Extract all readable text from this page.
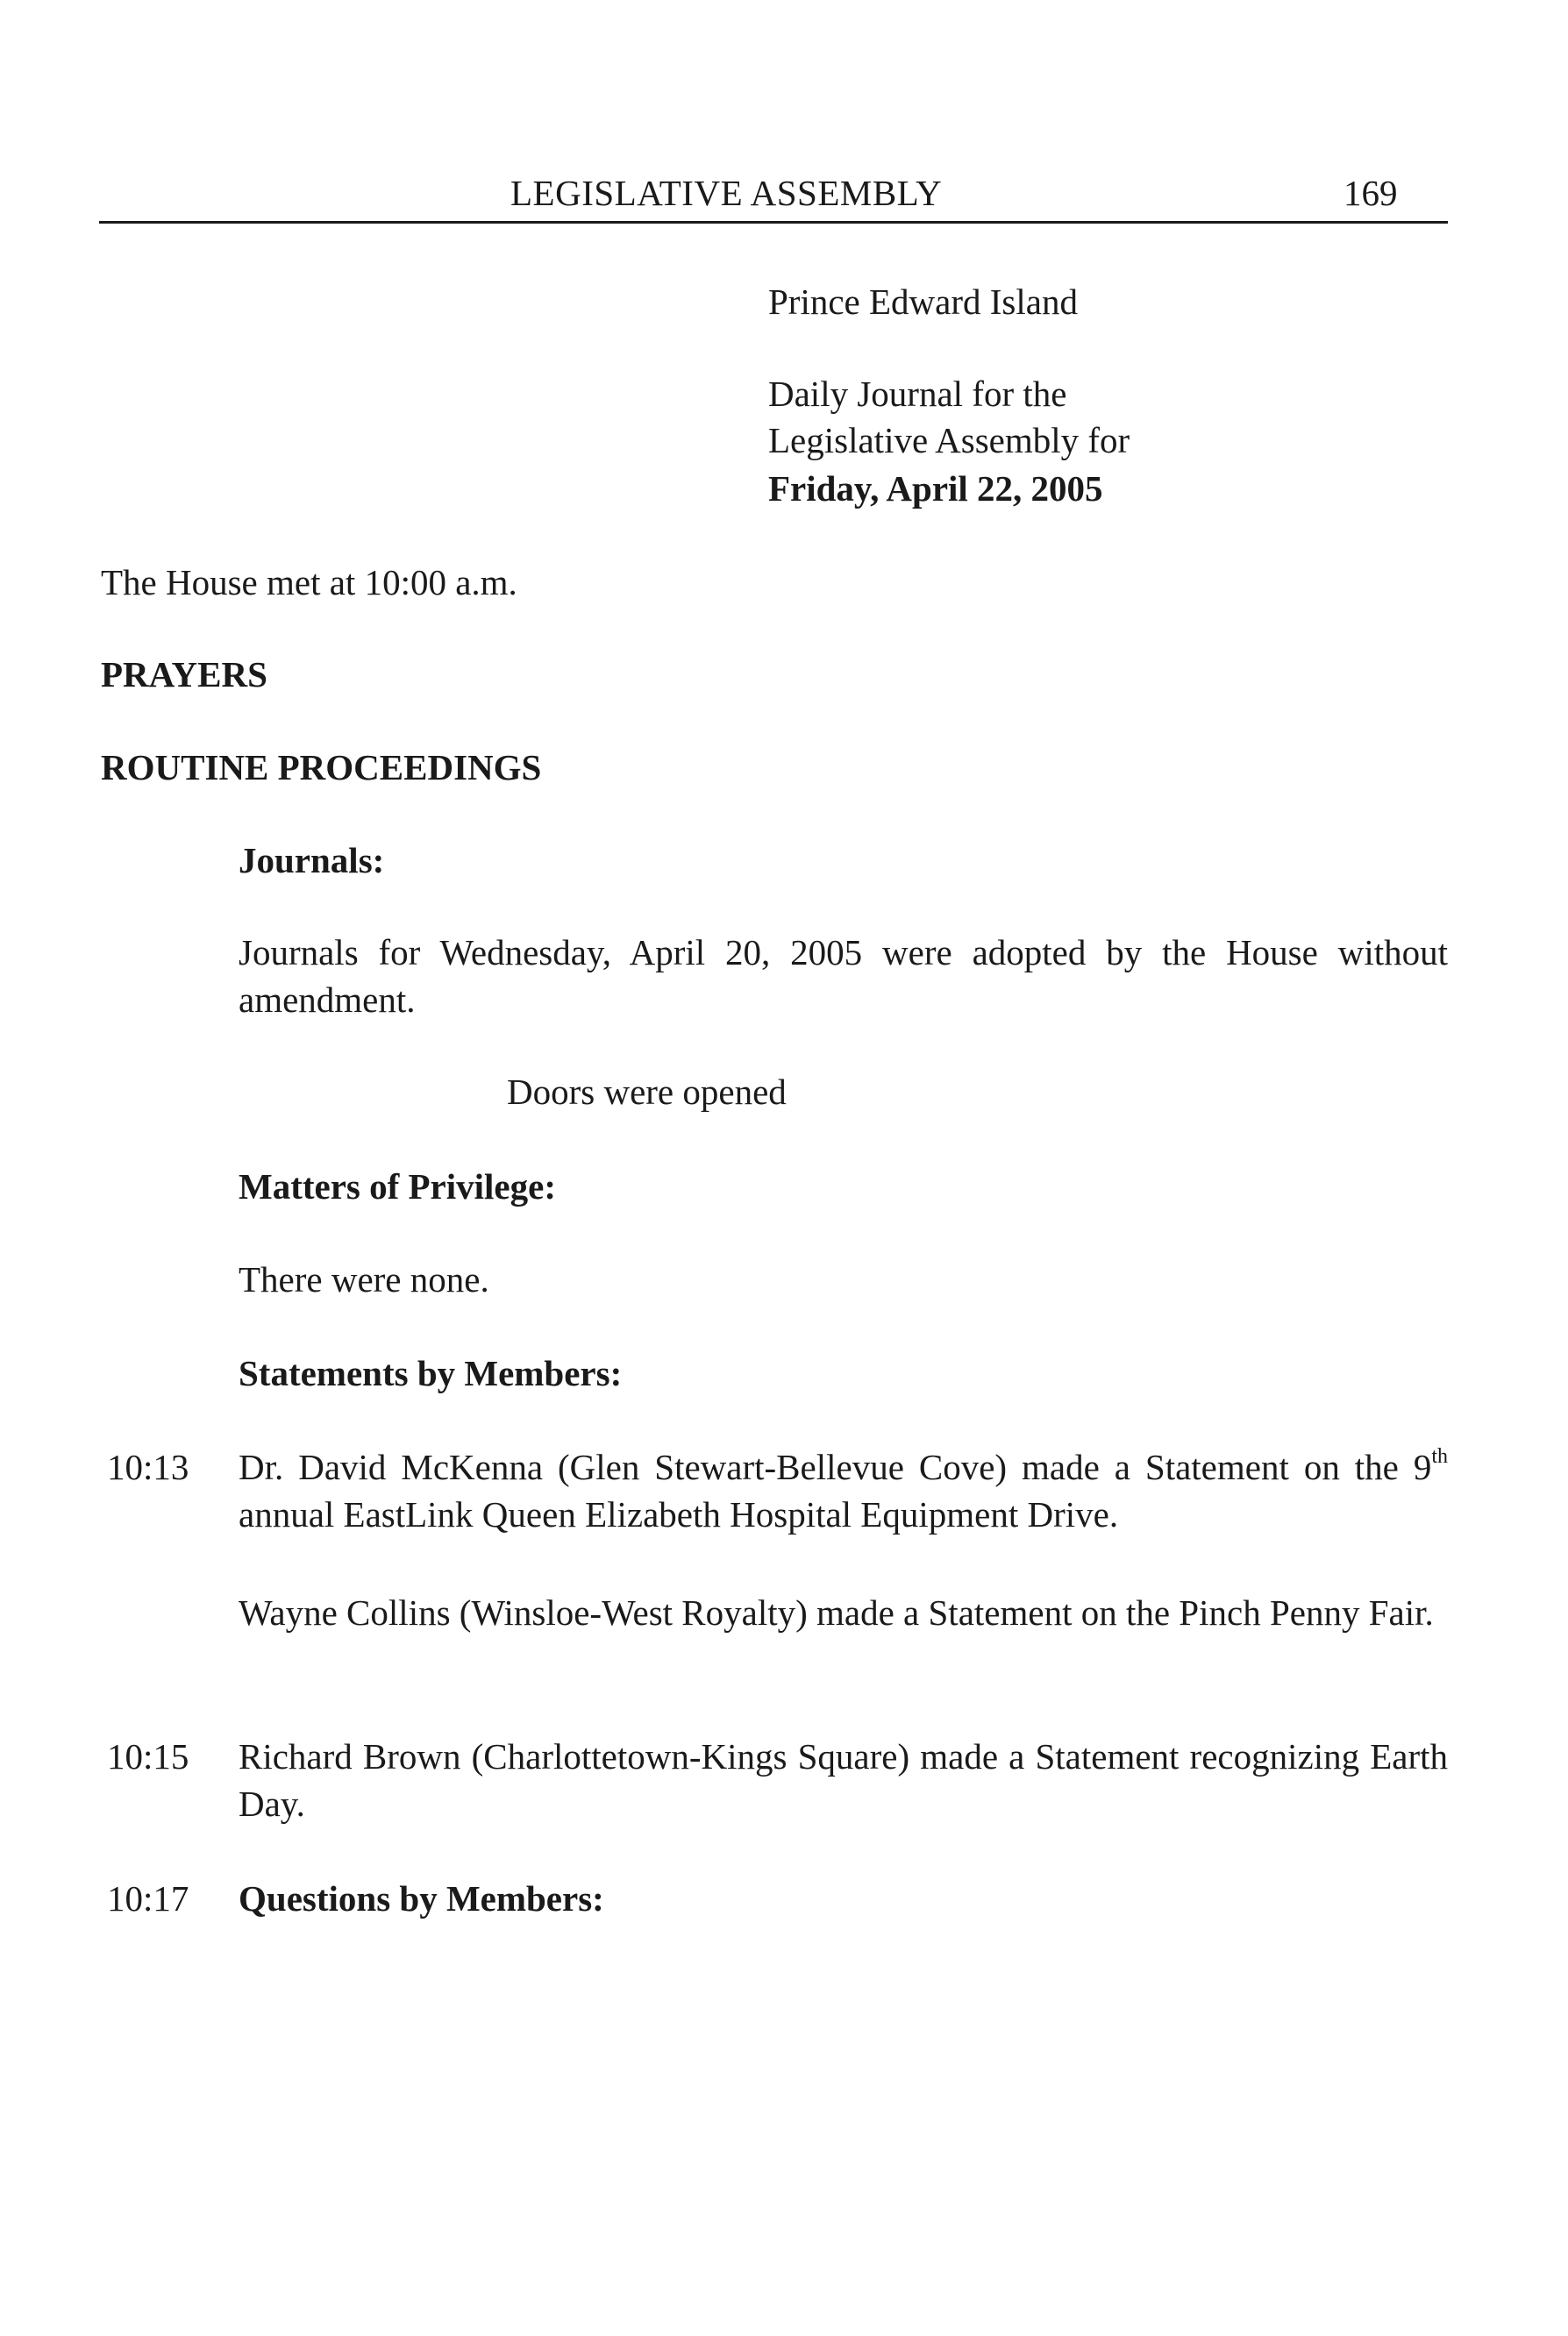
LEGISLATIVE ASSEMBLY	169
Prince Edward Island
Daily Journal for the
Legislative Assembly for
Friday, April 22, 2005
The House met at 10:00 a.m.
PRAYERS
ROUTINE PROCEEDINGS
Journals:
Journals for Wednesday, April 20, 2005 were adopted by the House without amendment.
Doors were opened
Matters of Privilege:
There were none.
Statements by Members:
10:13 Dr. David McKenna (Glen Stewart-Bellevue Cove) made a Statement on the 9th annual EastLink Queen Elizabeth Hospital Equipment Drive.
Wayne Collins (Winsloe-West Royalty) made a Statement on the Pinch Penny Fair.
10:15 Richard Brown (Charlottetown-Kings Square) made a Statement recognizing Earth Day.
10:17 Questions by Members:
